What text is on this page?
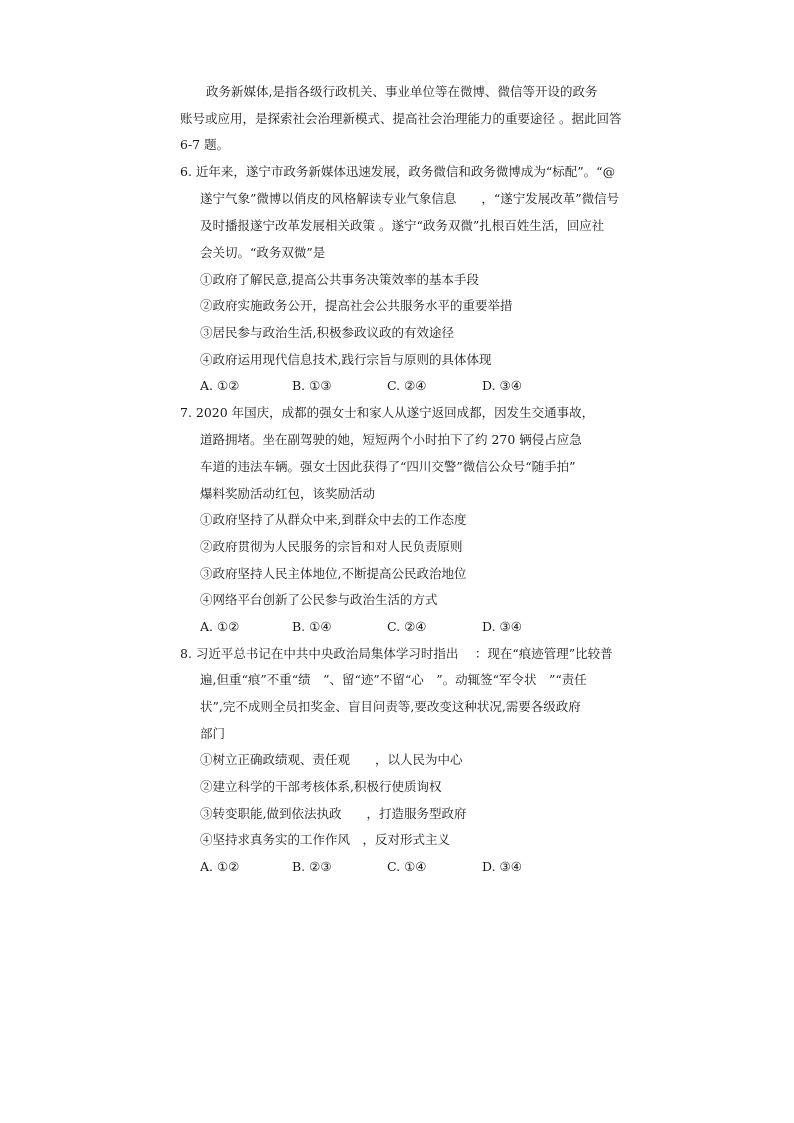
政务新媒体,是指各级行政机关、事业单位等在微博、微信等开设的政务
账号或应用，是探索社会治理新模式、提高社会治理能力的重要途径 。据此回答
6-7 题。
6. 近年来，遂宁市政务新媒体迅速发展，政务微信和政务微博成为“标配”。“@
遂宁气象”微博以俏皮的风格解读专业气象信息　　，“遂宁发展改革”微信号
及时播报遂宁改革发展相关政策 。遂宁“政务双微”扎根百姓生活，回应社
会关切。“政务双微”是
①政府了解民意,提高公共事务决策效率的基本手段
②政府实施政务公开，提高社会公共服务水平的重要举措
③居民参与政治生活,积极参政议政的有效途径
④政府运用现代信息技术,践行宗旨与原则的具体体现
A. ①②	B. ①③	C. ②④	D. ③④
7. 2020 年国庆，成都的强女士和家人从遂宁返回成都，因发生交通事故，
道路拥堵。坐在副驾驶的她，短短两个小时拍下了约 270 辆侵占应急
车道的违法车辆。强女士因此获得了“四川交警”微信公众号“随手拍”
爆料奖励活动红包，该奖励活动
①政府坚持了从群众中来,到群众中去的工作态度
②政府贯彻为人民服务的宗旨和对人民负责原则
③政府坚持人民主体地位,不断提高公民政治地位
④网络平台创新了公民参与政治生活的方式
A. ①②	B. ①④	C. ②④	D. ③④
8. 习近平总书记在中共中央政治局集体学习时指出　 ：现在“痕迹管理”比较普
遍,但重“痕”不重“绩　”、留“迹”不留“心　”。动辄签“军令状　”“责任
状”,完不成则全员扣奖金、盲目问责等,要改变这种状况,需要各级政府
部门
①树立正确政绩观、责任观　　，以人民为中心
②建立科学的干部考核体系,积极行使质询权
③转变职能,做到依法执政　　，打造服务型政府
④坚持求真务实的工作作风　，反对形式主义
A. ①②	B. ②③	C. ①④	D. ③④
